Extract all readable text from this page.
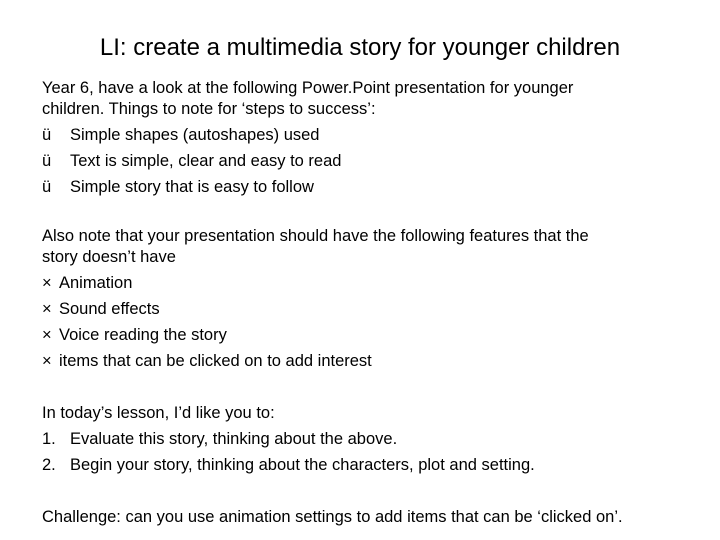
LI: create a multimedia story for younger children

Year 6, have a look at the following Power.Point presentation for younger
children. Things to note for ‘steps to success’:

ü Simple shapes (autoshapes) used
ü Text is simple, clear and easy to read
ü Simple story that is easy to follow

Also note that your presentation should have the following features that the
story doesn’t have

× Animation
× Sound effects
× Voice reading the story
× items that can be clicked on to add interest

In today’s lesson, I’d like you to:

1. Evaluate this story, thinking about the above.
2. Begin your story, thinking about the characters, plot and setting.

Challenge: can you use animation settings to add items that can be ‘clicked on’.
